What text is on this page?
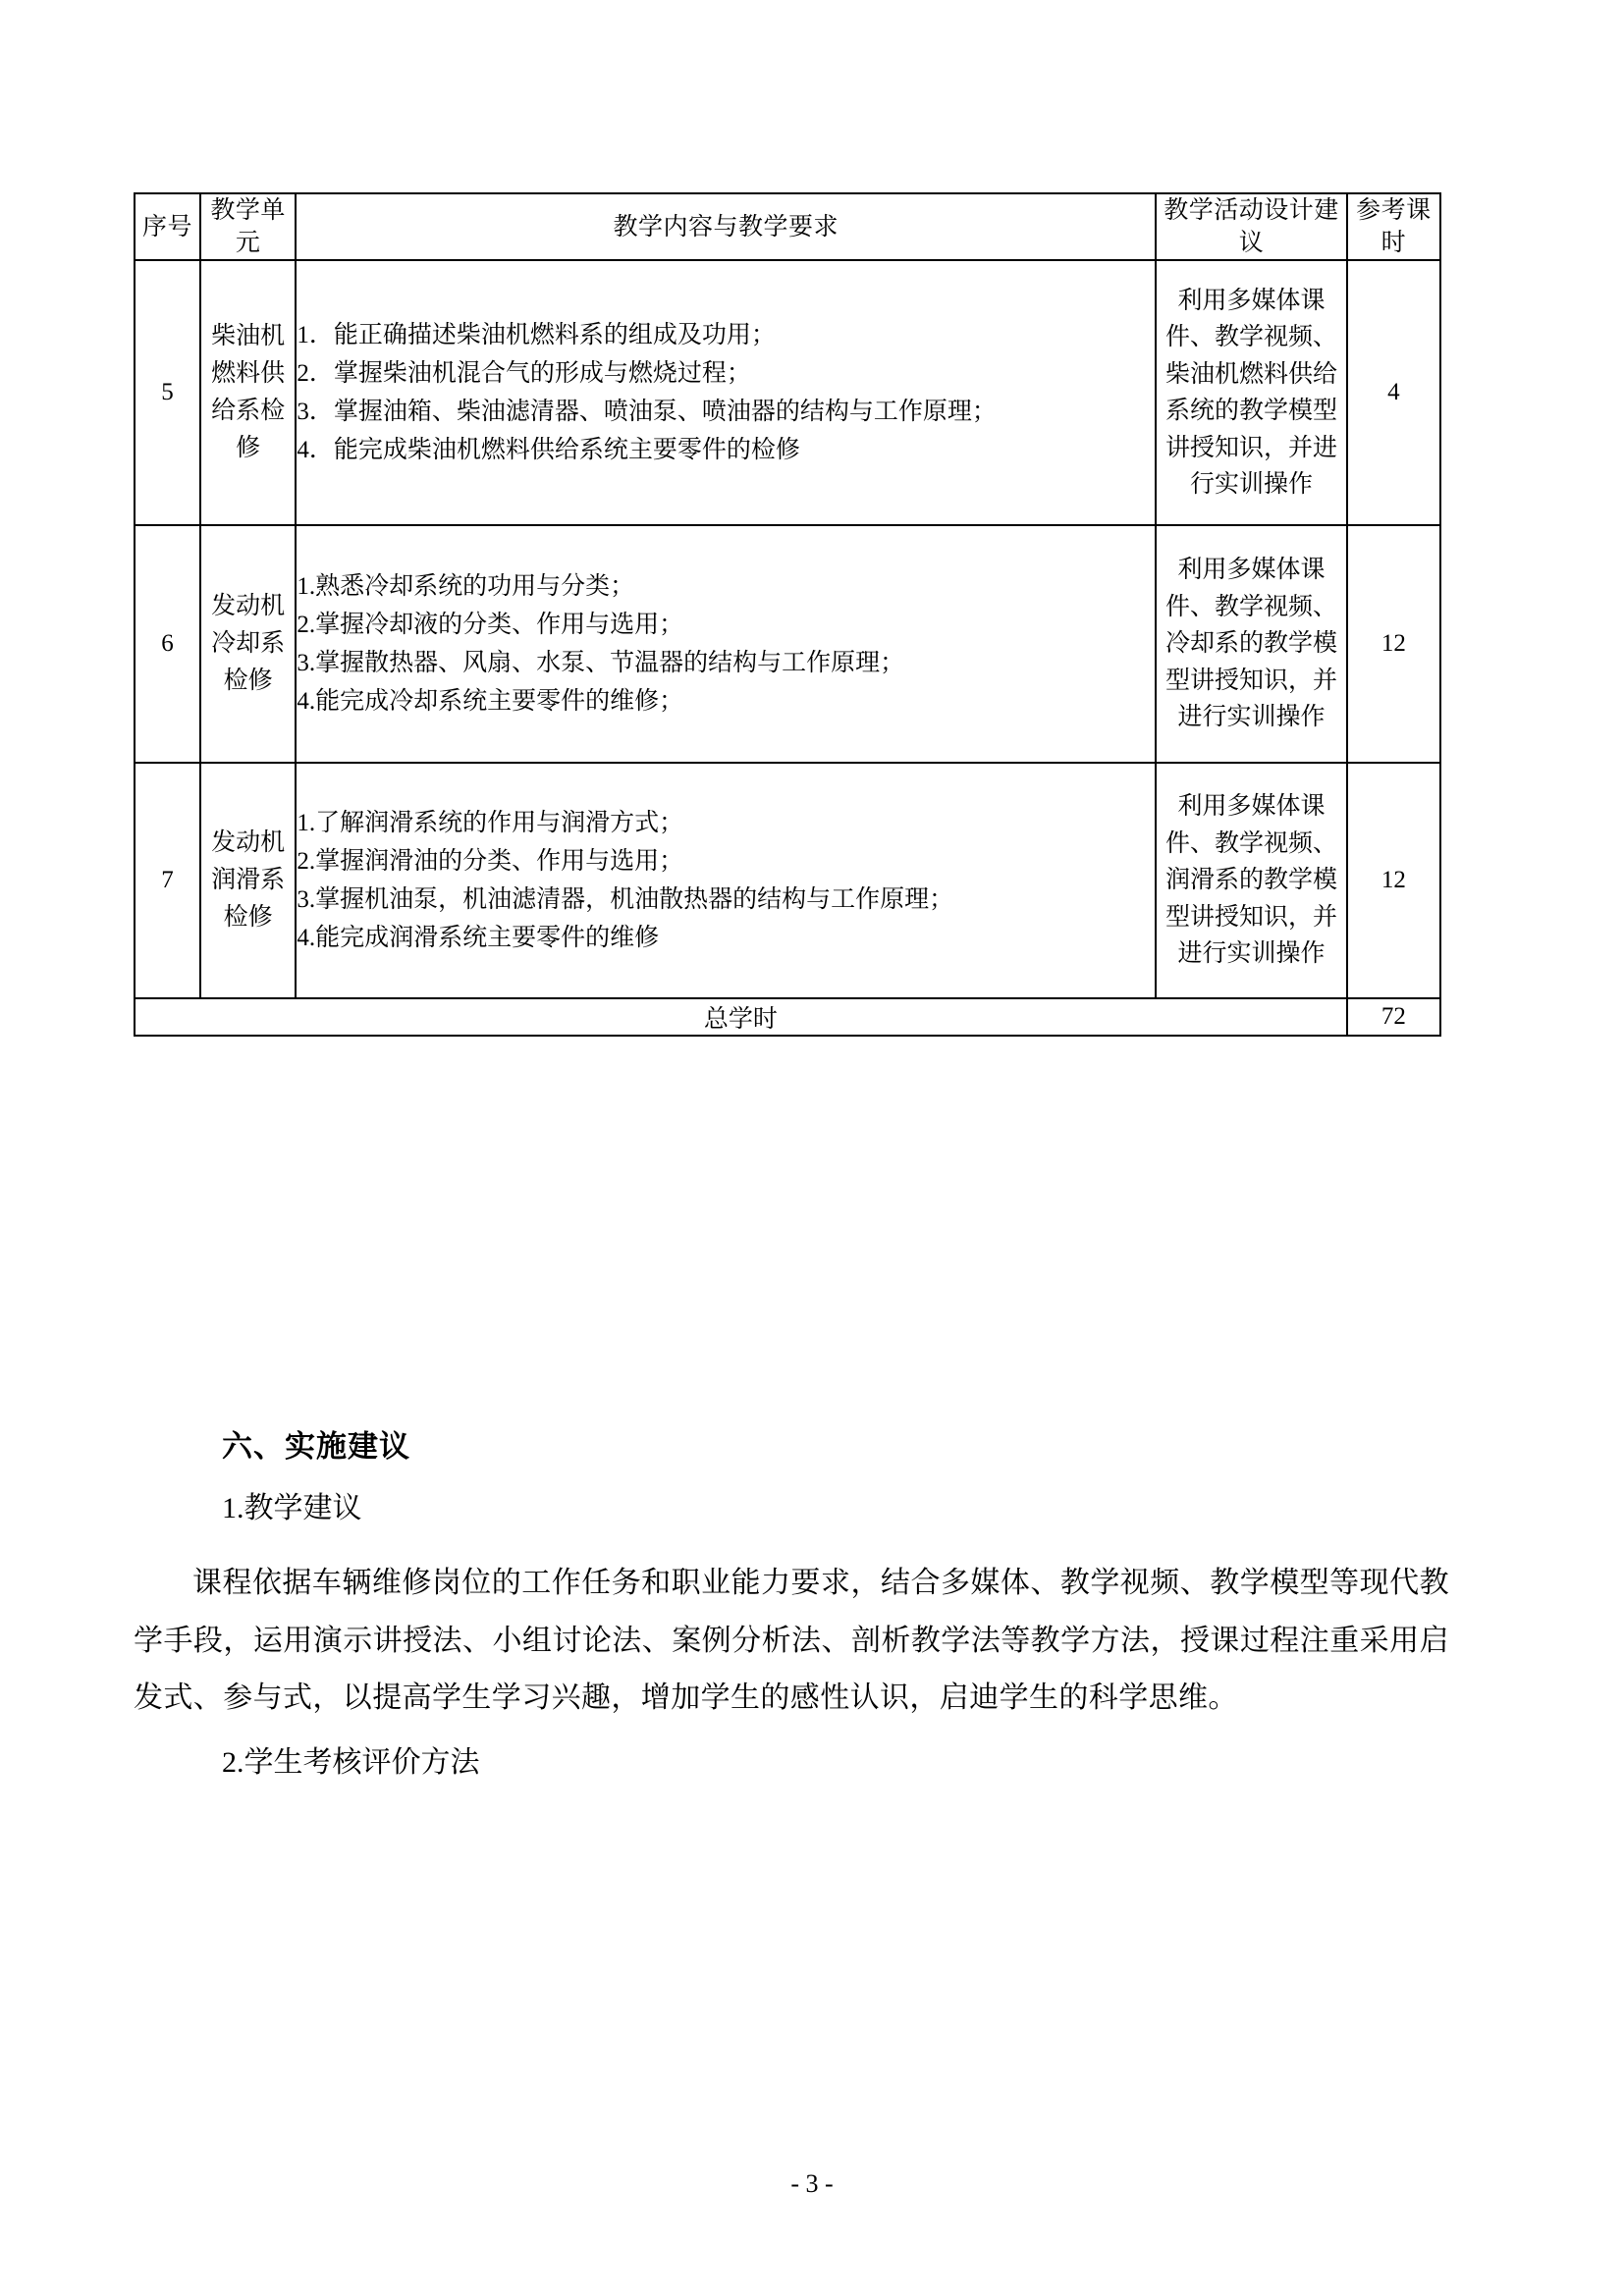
序号	教学单元	教学内容与教学要求	教学活动设计建议	参考课时
5	柴油机燃料供给系检修	1．能正确描述柴油机燃料系的组成及功用；
2．掌握柴油机混合气的形成与燃烧过程；
3．掌握油箱、柴油滤清器、喷油泵、喷油器的结构与工作原理；
4．能完成柴油机燃料供给系统主要零件的检修	利用多媒体课件、教学视频、柴油机燃料供给系统的教学模型讲授知识，并进行实训操作	4
6	发动机冷却系检修	1.熟悉冷却系统的功用与分类；
2.掌握冷却液的分类、作用与选用；
3.掌握散热器、风扇、水泵、节温器的结构与工作原理；
4.能完成冷却系统主要零件的维修；	利用多媒体课件、教学视频、冷却系的教学模型讲授知识，并进行实训操作	12
7	发动机润滑系检修	1.了解润滑系统的作用与润滑方式；
2.掌握润滑油的分类、作用与选用；
3.掌握机油泵，机油滤清器，机油散热器的结构与工作原理；
4.能完成润滑系统主要零件的维修	利用多媒体课件、教学视频、润滑系的教学模型讲授知识，并进行实训操作	12
总学时				72
六、实施建议

1.教学建议

课程依据车辆维修岗位的工作任务和职业能力要求，结合多媒体、教学视频、教学模型等现代教学手段，运用演示讲授法、小组讨论法、案例分析法、剖析教学法等教学方法，授课过程注重采用启发式、参与式，以提高学生学习兴趣，增加学生的感性认识，启迪学生的科学思维。

2.学生考核评价方法

- 3 -
